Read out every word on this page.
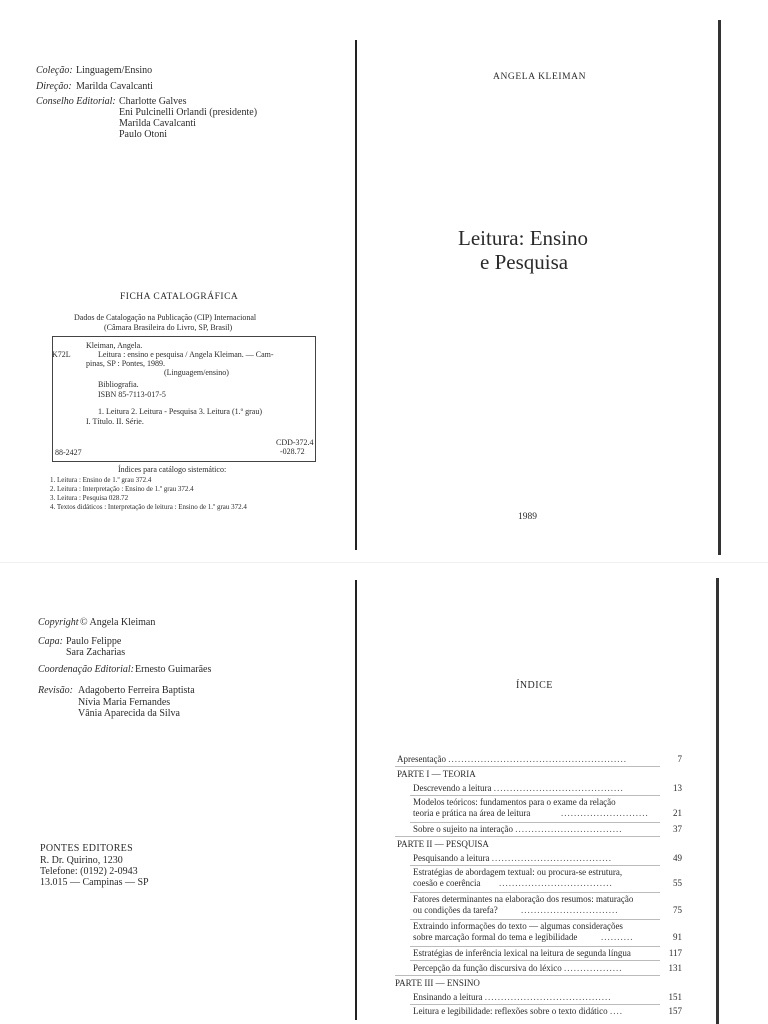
Coleção: Linguagem/Ensino
Direção: Marilda Cavalcanti
Conselho Editorial: Charlotte Galves
Eni Pulcinelli Orlandi (presidente)
Marilda Cavalcanti
Paulo Otoni
FICHA CATALOGRÁFICA
Dados de Catalogação na Publicação (CIP) Internacional
(Câmara Brasileira do Livro, SP, Brasil)
Kleiman, Angela.
K72L	Leitura : ensino e pesquisa / Angela Kleiman. — Cam-
pinas, SP : Pontes, 1989.
(Linguagem/ensino)
Bibliografia.
ISBN 85-7113-017-5
1. Leitura 2. Leitura - Pesquisa 3. Leitura (1.º grau)
I. Título. II. Série.
CDD-372.4
-028.72
88-2427
Índices para catálogo sistemático:
1. Leitura : Ensino de 1.º grau 372.4
2. Leitura : Interpretação : Ensino de 1.º grau 372.4
3. Leitura : Pesquisa 028.72
4. Textos didáticos : Interpretação de leitura : Ensino de 1.º grau 372.4
ANGELA KLEIMAN
Leitura: Ensino
e Pesquisa
1989
Copyright © Angela Kleiman
Capa: Paulo Felippe
Sara Zacharias
Coordenação Editorial: Ernesto Guimarães
Revisão: Adagoberto Ferreira Baptista
Nívia Maria Fernandes
Vânia Aparecida da Silva
PONTES EDITORES
R. Dr. Quirino, 1230
Telefone: (0192) 2-0943
13.015 — Campinas — SP
ÍNDICE
Apresentação .......................................................	7
PARTE I — TEORIA
Descrevendo a leitura ........................................	13
Modelos teóricos: fundamentos para o exame da relação
teoria e prática na área de leitura	...........................	21
Sobre o sujeito na interação .................................	37
PARTE II — PESQUISA
Pesquisando a leitura .....................................	49
Estratégias de abordagem textual: ou procura-se estrutura,
coesão e coerência ...................................	55
Fatores determinantes na elaboração dos resumos: maturação
ou condições da tarefa?	..............................	75
Extraindo informações do texto — algumas considerações
sobre marcação formal do tema e legibilidade	..........	91
Estratégias de inferência lexical na leitura de segunda língua	117
Percepção da função discursiva do léxico ..................	131
PARTE III — ENSINO
Ensinando a leitura .......................................	151
Leitura e legibilidade: reflexões sobre o texto didático ....	157
